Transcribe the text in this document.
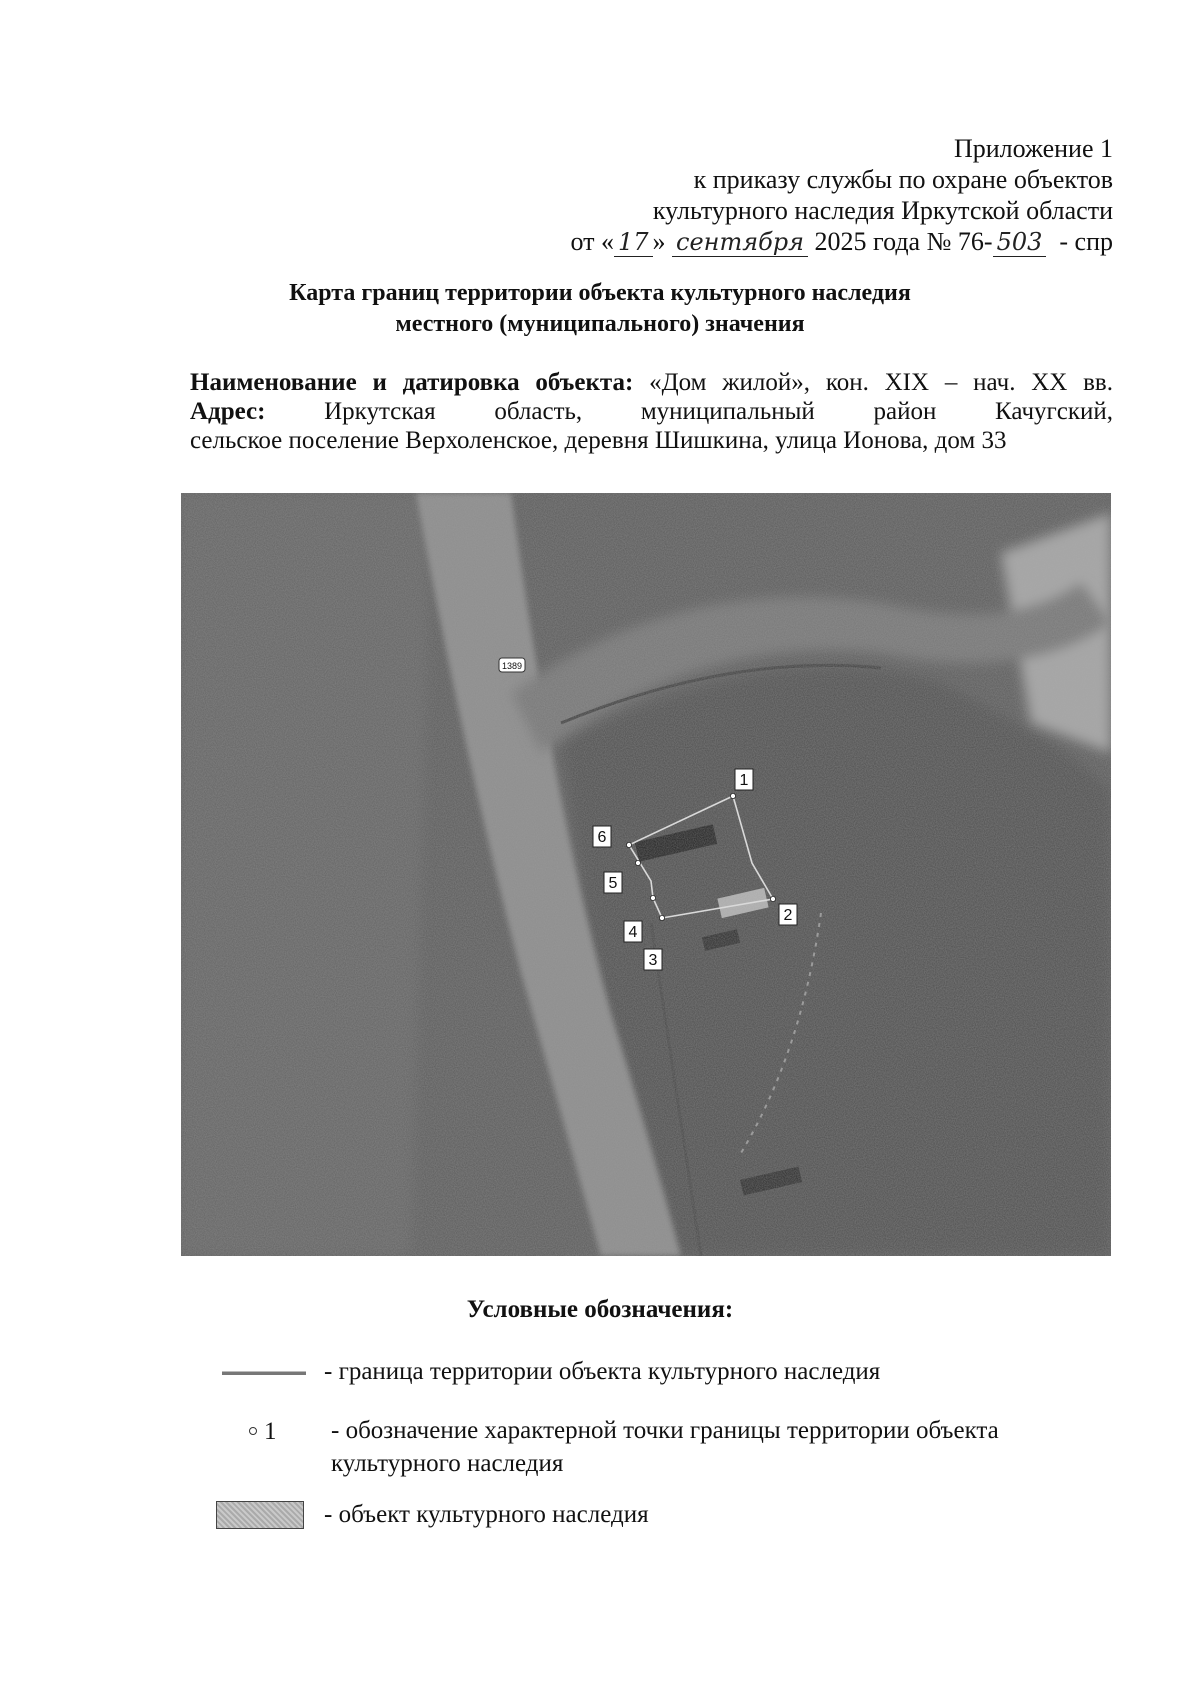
Приложение 1
к приказу службы по охране объектов
культурного наследия Иркутской области
от « 17 » сентября 2025 года № 76- 503 - спр
Карта границ территории объекта культурного наследия
местного (муниципального) значения
Наименование и датировка объекта: «Дом жилой», кон. XIX – нач. XX вв.
Адрес: Иркутская область, муниципальный район Качугский,
сельское поселение Верхоленское, деревня Шишкина, улица Ионова, дом 33
1389
1
2
3
4
5
6
Условные обозначения:
- граница территории объекта культурного наследия
1 - обозначение характерной точки границы территории объекта
культурного наследия
- объект культурного наследия
